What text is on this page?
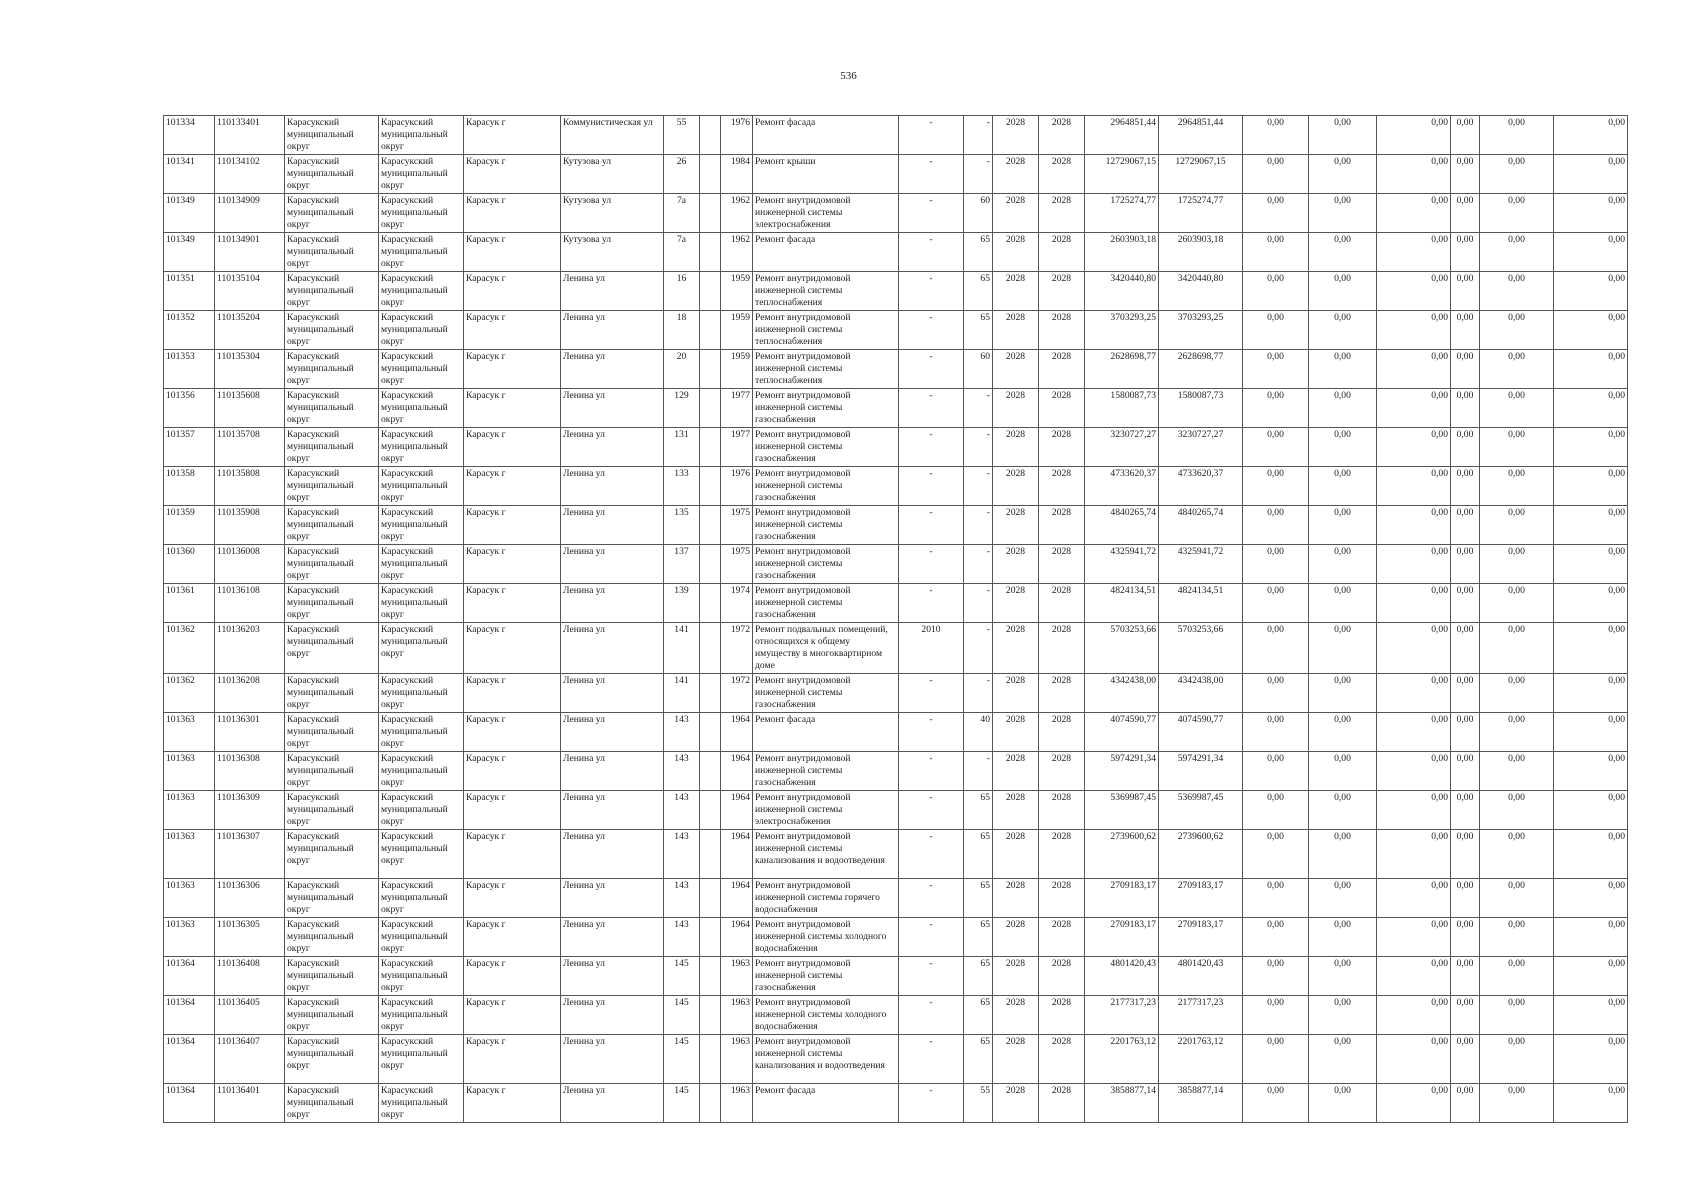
536
101334	110133401	Карасукский муниципальный округ	Карасукский муниципальный округ	Карасук г	Коммунистическая ул	55		1976	Ремонт фасада	-	-	2028	2028	2964851,44	2964851,44	0,00	0,00	0,00	0,00	0,00	0,00
101341	110134102	Карасукский муниципальный округ	Карасукский муниципальный округ	Карасук г	Кутузова ул	26		1984	Ремонт крыши	-	-	2028	2028	12729067,15	12729067,15	0,00	0,00	0,00	0,00	0,00	0,00
101349	110134909	Карасукский муниципальный округ	Карасукский муниципальный округ	Карасук г	Кутузова ул	7а		1962	Ремонт внутридомовой инженерной системы электроснабжения	-	60	2028	2028	1725274,77	1725274,77	0,00	0,00	0,00	0,00	0,00	0,00
101349	110134901	Карасукский муниципальный округ	Карасукский муниципальный округ	Карасук г	Кутузова ул	7а		1962	Ремонт фасада	-	65	2028	2028	2603903,18	2603903,18	0,00	0,00	0,00	0,00	0,00	0,00
101351	110135104	Карасукский муниципальный округ	Карасукский муниципальный округ	Карасук г	Ленина ул	16		1959	Ремонт внутридомовой инженерной системы теплоснабжения	-	65	2028	2028	3420440,80	3420440,80	0,00	0,00	0,00	0,00	0,00	0,00
101352	110135204	Карасукский муниципальный округ	Карасукский муниципальный округ	Карасук г	Ленина ул	18		1959	Ремонт внутридомовой инженерной системы теплоснабжения	-	65	2028	2028	3703293,25	3703293,25	0,00	0,00	0,00	0,00	0,00	0,00
101353	110135304	Карасукский муниципальный округ	Карасукский муниципальный округ	Карасук г	Ленина ул	20		1959	Ремонт внутридомовой инженерной системы теплоснабжения	-	60	2028	2028	2628698,77	2628698,77	0,00	0,00	0,00	0,00	0,00	0,00
101356	110135608	Карасукский муниципальный округ	Карасукский муниципальный округ	Карасук г	Ленина ул	129		1977	Ремонт внутридомовой инженерной системы газоснабжения	-	-	2028	2028	1580087,73	1580087,73	0,00	0,00	0,00	0,00	0,00	0,00
101357	110135708	Карасукский муниципальный округ	Карасукский муниципальный округ	Карасук г	Ленина ул	131		1977	Ремонт внутридомовой инженерной системы газоснабжения	-	-	2028	2028	3230727,27	3230727,27	0,00	0,00	0,00	0,00	0,00	0,00
101358	110135808	Карасукский муниципальный округ	Карасукский муниципальный округ	Карасук г	Ленина ул	133		1976	Ремонт внутридомовой инженерной системы газоснабжения	-	-	2028	2028	4733620,37	4733620,37	0,00	0,00	0,00	0,00	0,00	0,00
101359	110135908	Карасукский муниципальный округ	Карасукский муниципальный округ	Карасук г	Ленина ул	135		1975	Ремонт внутридомовой инженерной системы газоснабжения	-	-	2028	2028	4840265,74	4840265,74	0,00	0,00	0,00	0,00	0,00	0,00
101360	110136008	Карасукский муниципальный округ	Карасукский муниципальный округ	Карасук г	Ленина ул	137		1975	Ремонт внутридомовой инженерной системы газоснабжения	-	-	2028	2028	4325941,72	4325941,72	0,00	0,00	0,00	0,00	0,00	0,00
101361	110136108	Карасукский муниципальный округ	Карасукский муниципальный округ	Карасук г	Ленина ул	139		1974	Ремонт внутридомовой инженерной системы газоснабжения	-	-	2028	2028	4824134,51	4824134,51	0,00	0,00	0,00	0,00	0,00	0,00
101362	110136203	Карасукский муниципальный округ	Карасукский муниципальный округ	Карасук г	Ленина ул	141		1972	Ремонт подвальных помещений, относящихся к общему имуществу в многоквартирном доме	2010	-	2028	2028	5703253,66	5703253,66	0,00	0,00	0,00	0,00	0,00	0,00
101362	110136208	Карасукский муниципальный округ	Карасукский муниципальный округ	Карасук г	Ленина ул	141		1972	Ремонт внутридомовой инженерной системы газоснабжения	-	-	2028	2028	4342438,00	4342438,00	0,00	0,00	0,00	0,00	0,00	0,00
101363	110136301	Карасукский муниципальный округ	Карасукский муниципальный округ	Карасук г	Ленина ул	143		1964	Ремонт фасада	-	40	2028	2028	4074590,77	4074590,77	0,00	0,00	0,00	0,00	0,00	0,00
101363	110136308	Карасукский муниципальный округ	Карасукский муниципальный округ	Карасук г	Ленина ул	143		1964	Ремонт внутридомовой инженерной системы газоснабжения	-	-	2028	2028	5974291,34	5974291,34	0,00	0,00	0,00	0,00	0,00	0,00
101363	110136309	Карасукский муниципальный округ	Карасукский муниципальный округ	Карасук г	Ленина ул	143		1964	Ремонт внутридомовой инженерной системы электроснабжения	-	65	2028	2028	5369987,45	5369987,45	0,00	0,00	0,00	0,00	0,00	0,00
101363	110136307	Карасукский муниципальный округ	Карасукский муниципальный округ	Карасук г	Ленина ул	143		1964	Ремонт внутридомовой инженерной системы канализования и водоотведения	-	65	2028	2028	2739600,62	2739600,62	0,00	0,00	0,00	0,00	0,00	0,00
101363	110136306	Карасукский муниципальный округ	Карасукский муниципальный округ	Карасук г	Ленина ул	143		1964	Ремонт внутридомовой инженерной системы горячего водоснабжения	-	65	2028	2028	2709183,17	2709183,17	0,00	0,00	0,00	0,00	0,00	0,00
101363	110136305	Карасукский муниципальный округ	Карасукский муниципальный округ	Карасук г	Ленина ул	143		1964	Ремонт внутридомовой инженерной системы холодного водоснабжения	-	65	2028	2028	2709183,17	2709183,17	0,00	0,00	0,00	0,00	0,00	0,00
101364	110136408	Карасукский муниципальный округ	Карасукский муниципальный округ	Карасук г	Ленина ул	145		1963	Ремонт внутридомовой инженерной системы газоснабжения	-	65	2028	2028	4801420,43	4801420,43	0,00	0,00	0,00	0,00	0,00	0,00
101364	110136405	Карасукский муниципальный округ	Карасукский муниципальный округ	Карасук г	Ленина ул	145		1963	Ремонт внутридомовой инженерной системы холодного водоснабжения	-	65	2028	2028	2177317,23	2177317,23	0,00	0,00	0,00	0,00	0,00	0,00
101364	110136407	Карасукский муниципальный округ	Карасукский муниципальный округ	Карасук г	Ленина ул	145		1963	Ремонт внутридомовой инженерной системы канализования и водоотведения	-	65	2028	2028	2201763,12	2201763,12	0,00	0,00	0,00	0,00	0,00	0,00
101364	110136401	Карасукский муниципальный округ	Карасукский муниципальный округ	Карасук г	Ленина ул	145		1963	Ремонт фасада	-	55	2028	2028	3858877,14	3858877,14	0,00	0,00	0,00	0,00	0,00	0,00
